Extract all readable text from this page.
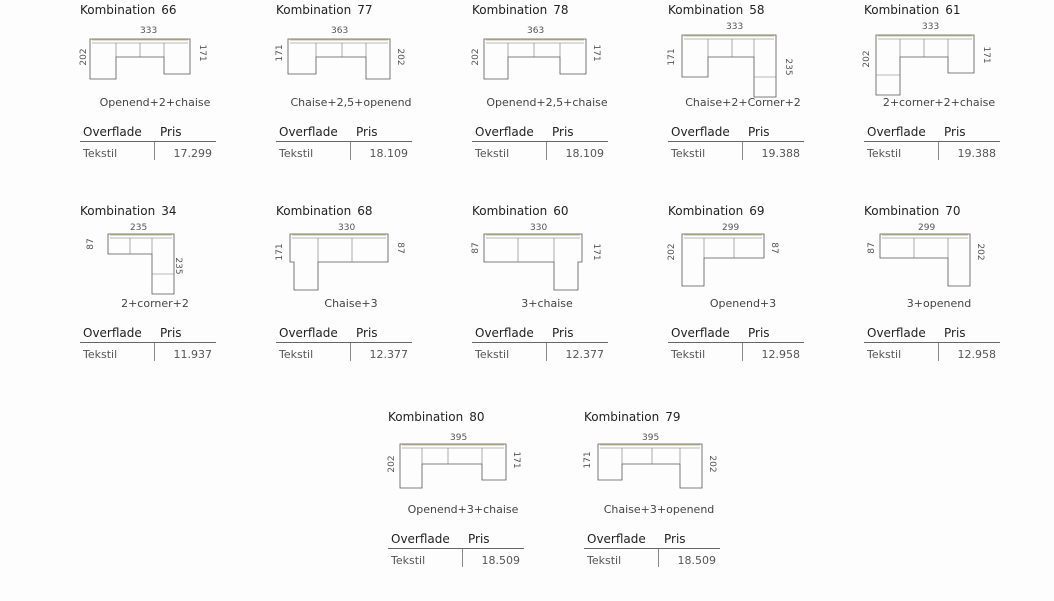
Kombination 66
333
202	171
Openend+2+chaise
Overflade Pris
Tekstil	17.299
Kombination 77
363
171	202
Chaise+2,5+openend
Overflade Pris
Tekstil	18.109
Kombination 78
363
202	171
Openend+2,5+chaise
Overflade Pris
Tekstil	18.109
Kombination 58
333
171
235
Chaise+2+Corner+2
Overflade Pris
Tekstil	19.388
Kombination 61
333
202	171
2+corner+2+chaise
Overflade Pris
Tekstil	19.388
Kombination 34
235
87
235
2+corner+2
Overflade Pris
Tekstil	11.937
Kombination 68
330
171	87
Chaise+3
Overflade Pris
Tekstil	12.377
Kombination 60
330
87	171
3+chaise
Overflade Pris
Tekstil	12.377
Kombination 69
299
202	87
Openend+3
Overflade Pris
Tekstil	12.958
Kombination 70
299
87	202
3+openend
Overflade Pris
Tekstil	12.958
Kombination 80
395
202	171
Openend+3+chaise
Overflade Pris
Tekstil	18.509
Kombination 79
395
171	202
Chaise+3+openend
Overflade Pris
Tekstil	18.509
